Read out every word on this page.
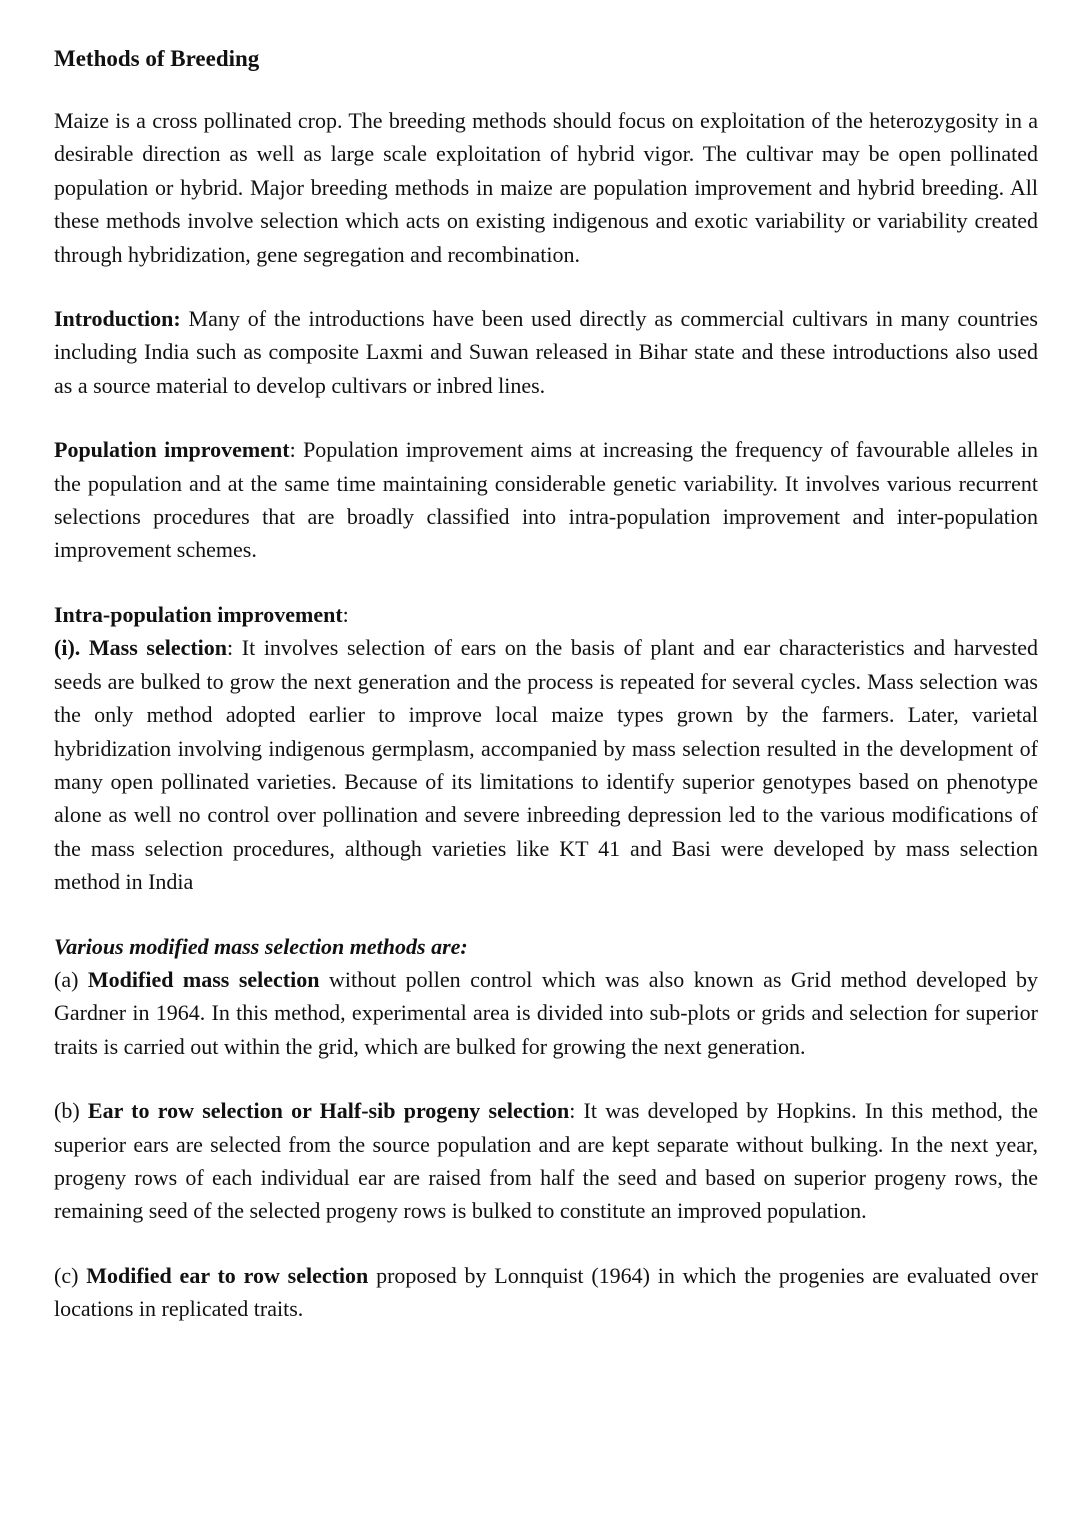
Methods of Breeding

Maize is a cross pollinated crop. The breeding methods should focus on exploitation of the heterozygosity in a desirable direction as well as large scale exploitation of hybrid vigor. The cultivar may be open pollinated population or hybrid. Major breeding methods in maize are population improvement and hybrid breeding. All these methods involve selection which acts on existing indigenous and exotic variability or variability created through hybridization, gene segregation and recombination.

Introduction: Many of the introductions have been used directly as commercial cultivars in many countries including India such as composite Laxmi and Suwan released in Bihar state and these introductions also used as a source material to develop cultivars or inbred lines.

Population improvement: Population improvement aims at increasing the frequency of favourable alleles in the population and at the same time maintaining considerable genetic variability. It involves various recurrent selections procedures that are broadly classified into intra-population improvement and inter-population improvement schemes.

Intra-population improvement:

(i). Mass selection: It involves selection of ears on the basis of plant and ear characteristics and harvested seeds are bulked to grow the next generation and the process is repeated for several cycles. Mass selection was the only method adopted earlier to improve local maize types grown by the farmers. Later, varietal hybridization involving indigenous germplasm, accompanied by mass selection resulted in the development of many open pollinated varieties. Because of its limitations to identify superior genotypes based on phenotype alone as well no control over pollination and severe inbreeding depression led to the various modifications of the mass selection procedures, although varieties like KT 41 and Basi were developed by mass selection method in India

Various modified mass selection methods are:

(a) Modified mass selection without pollen control which was also known as Grid method developed by Gardner in 1964. In this method, experimental area is divided into sub-plots or grids and selection for superior traits is carried out within the grid, which are bulked for growing the next generation.

(b) Ear to row selection or Half-sib progeny selection: It was developed by Hopkins. In this method, the superior ears are selected from the source population and are kept separate without bulking. In the next year, progeny rows of each individual ear are raised from half the seed and based on superior progeny rows, the remaining seed of the selected progeny rows is bulked to constitute an improved population.

(c) Modified ear to row selection proposed by Lonnquist (1964) in which the progenies are evaluated over locations in replicated traits.
